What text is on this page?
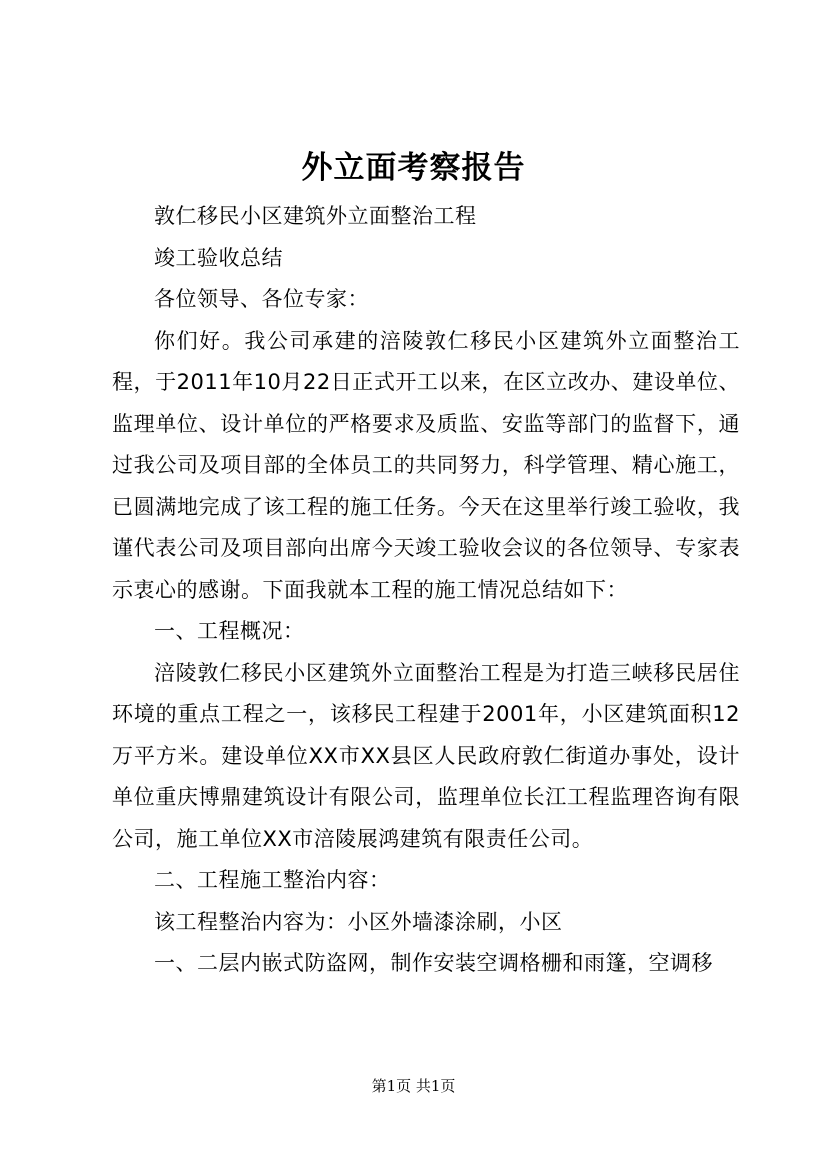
外立面考察报告

敦仁移民小区建筑外立面整治工程

竣工验收总结

各位领导、各位专家：

你们好。我公司承建的涪陵敦仁移民小区建筑外立面整治工程，于2011年10月22日正式开工以来，在区立改办、建设单位、监理单位、设计单位的严格要求及质监、安监等部门的监督下，通过我公司及项目部的全体员工的共同努力，科学管理、精心施工，已圆满地完成了该工程的施工任务。今天在这里举行竣工验收，我谨代表公司及项目部向出席今天竣工验收会议的各位领导、专家表示衷心的感谢。下面我就本工程的施工情况总结如下：

一、工程概况：

涪陵敦仁移民小区建筑外立面整治工程是为打造三峡移民居住环境的重点工程之一，该移民工程建于2001年，小区建筑面积12万平方米。建设单位XX市XX县区人民政府敦仁街道办事处，设计单位重庆博鼎建筑设计有限公司，监理单位长江工程监理咨询有限公司，施工单位XX市涪陵展鸿建筑有限责任公司。

二、工程施工整治内容：

该工程整治内容为：小区外墙漆涂刷，小区

一、二层内嵌式防盗网，制作安装空调格栅和雨篷，空调移

第1页 共1页
